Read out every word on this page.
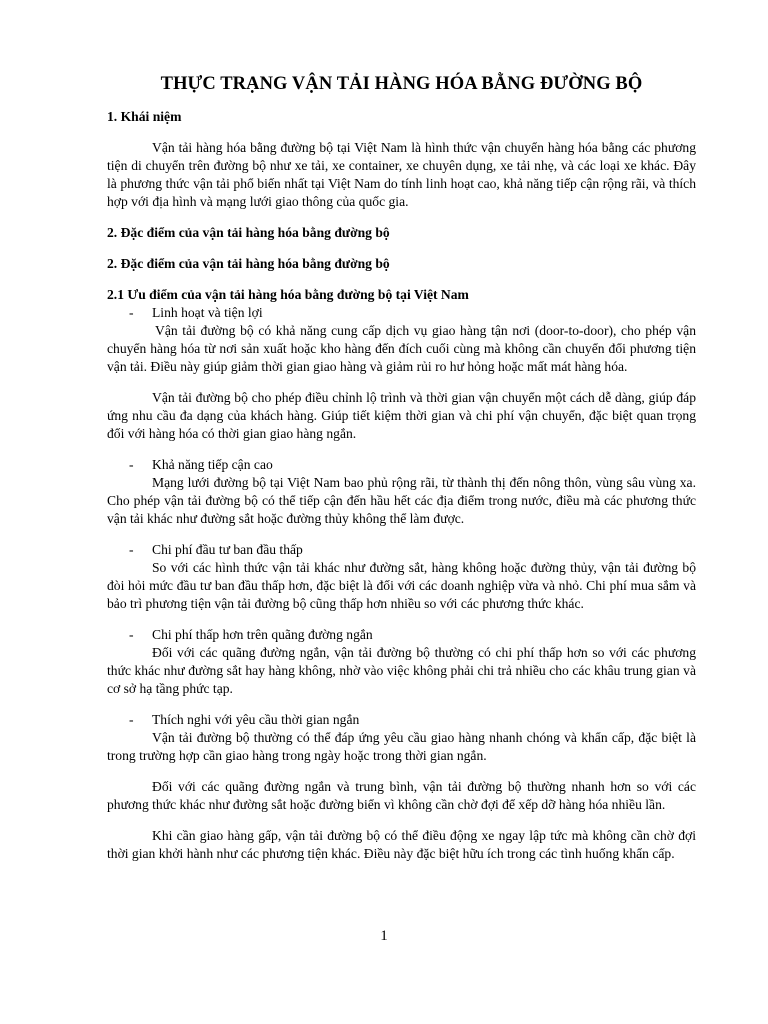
THỰC TRẠNG VẬN TẢI HÀNG HÓA BẰNG ĐƯỜNG BỘ
1. Khái niệm

Vận tải hàng hóa bằng đường bộ tại Việt Nam là hình thức vận chuyển hàng hóa bằng các phương tiện di chuyển trên đường bộ như xe tải, xe container, xe chuyên dụng, xe tải nhẹ, và các loại xe khác. Đây là phương thức vận tải phổ biến nhất tại Việt Nam do tính linh hoạt cao, khả năng tiếp cận rộng rãi, và thích hợp với địa hình và mạng lưới giao thông của quốc gia.

2. Đặc điểm của vận tải hàng hóa bằng đường bộ
2. Đặc điểm của vận tải hàng hóa bằng đường bộ
2.1 Ưu điểm của vận tải hàng hóa bằng đường bộ tại Việt Nam
-	Linh hoạt và tiện lợi

Vận tải đường bộ có khả năng cung cấp dịch vụ giao hàng tận nơi (door-to-door), cho phép vận chuyển hàng hóa từ nơi sản xuất hoặc kho hàng đến đích cuối cùng mà không cần chuyển đổi phương tiện vận tải. Điều này giúp giảm thời gian giao hàng và giảm rủi ro hư hỏng hoặc mất mát hàng hóa.

Vận tải đường bộ cho phép điều chỉnh lộ trình và thời gian vận chuyển một cách dễ dàng, giúp đáp ứng nhu cầu đa dạng của khách hàng. Giúp tiết kiệm thời gian và chi phí vận chuyển, đặc biệt quan trọng đối với hàng hóa có thời gian giao hàng ngắn.

-	Khả năng tiếp cận cao

Mạng lưới đường bộ tại Việt Nam bao phủ rộng rãi, từ thành thị đến nông thôn, vùng sâu vùng xa. Cho phép vận tải đường bộ có thể tiếp cận đến hầu hết các địa điểm trong nước, điều mà các phương thức vận tải khác như đường sắt hoặc đường thủy không thể làm được.

-	Chi phí đầu tư ban đầu thấp

So với các hình thức vận tải khác như đường sắt, hàng không hoặc đường thủy, vận tải đường bộ đòi hỏi mức đầu tư ban đầu thấp hơn, đặc biệt là đối với các doanh nghiệp vừa và nhỏ. Chi phí mua sắm và bảo trì phương tiện vận tải đường bộ cũng thấp hơn nhiều so với các phương thức khác.

-	Chi phí thấp hơn trên quãng đường ngắn

Đối với các quãng đường ngắn, vận tải đường bộ thường có chi phí thấp hơn so với các phương thức khác như đường sắt hay hàng không, nhờ vào việc không phải chi trả nhiều cho các khâu trung gian và cơ sở hạ tầng phức tạp.

-	Thích nghi với yêu cầu thời gian ngắn

Vận tải đường bộ thường có thể đáp ứng yêu cầu giao hàng nhanh chóng và khẩn cấp, đặc biệt là trong trường hợp cần giao hàng trong ngày hoặc trong thời gian ngắn.

Đối với các quãng đường ngắn và trung bình, vận tải đường bộ thường nhanh hơn so với các phương thức khác như đường sắt hoặc đường biển vì không cần chờ đợi để xếp dỡ hàng hóa nhiều lần.

Khi cần giao hàng gấp, vận tải đường bộ có thể điều động xe ngay lập tức mà không cần chờ đợi thời gian khởi hành như các phương tiện khác. Điều này đặc biệt hữu ích trong các tình huống khẩn cấp.

1
